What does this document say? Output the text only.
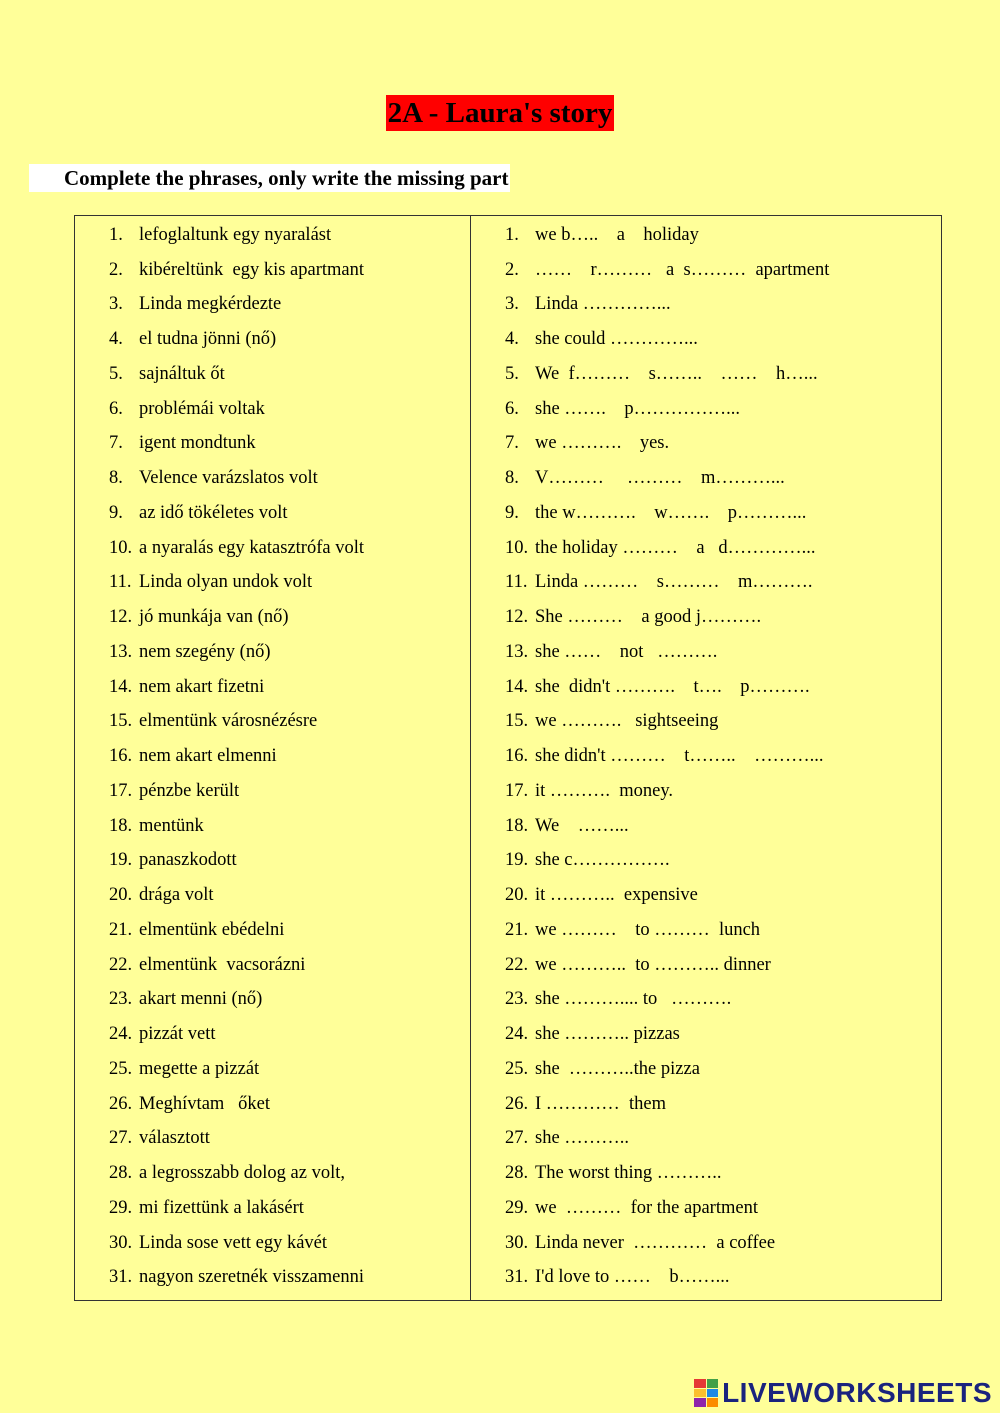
2A - Laura's story
Complete the phrases, only write the missing part
1. lefoglaltunk egy nyaralást
2. kibéreltünk  egy kis apartmant
3. Linda megkérdezte
4. el tudna jönni (nő)
5. sajnáltuk őt
6. problémái voltak
7. igent mondtunk
8. Velence varázslatos volt
9. az idő tökéletes volt
10. a nyaralás egy katasztrófa volt
11. Linda olyan undok volt
12. jó munkája van (nő)
13. nem szegény (nő)
14. nem akart fizetni
15. elmentünk városnézésre
16. nem akart elmenni
17. pénzbe került
18. mentünk
19. panaszkodott
20. drága volt
21. elmentünk ebédelni
22. elmentünk  vacsorázni
23. akart menni (nő)
24. pizzát vett
25. megette a pizzát
26. Meghívtam   őket
27. választott
28. a legrosszabb dolog az volt,
29. mi fizettünk a lakásért
30. Linda sose vett egy kávét
31. nagyon szeretnék visszamenni
1. we b…..    a    holiday
2. ……    r………   a  s………  apartment
3. Linda …………...
4. she could …………...
5. We  f………    s……..    ……    h…...
6. she …….    p……………...
7. we ……….    yes.
8. V………     ………    m………...
9. the w……….    w…….    p………...
10. the holiday ………    a   d…………...
11. Linda ………    s………    m……….
12. She ………    a good j……….
13. she ……    not   ……….
14. she  didn't ……….    t….    p……….
15. we ……….   sightseeing
16. she didn't ………    t……..    ………...
17. it ……….  money.
18. We    ……...
19. she c…………….
20. it ………..  expensive
21. we ………    to ………  lunch
22. we ………..  to ……….. dinner
23. she ……….... to   ……….
24. she ……….. pizzas
25. she  ………..the pizza
26. I …………  them
27. she ………..
28. The worst thing ………..
29. we  ………  for the apartment
30. Linda never  …………  a coffee
31. I'd love to ……    b……...
LIVEWORKSHEETS
